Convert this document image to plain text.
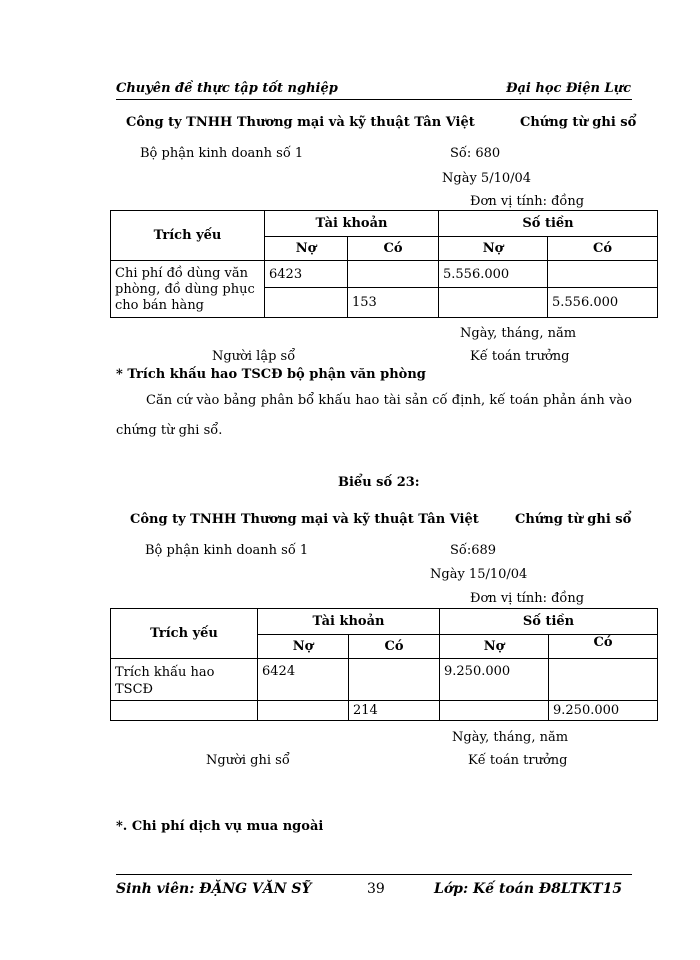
Chuyên đề thực tập tốt nghiệp	Đại học Điện Lực
Công ty TNHH Thương mại và kỹ thuật Tân Việt	Chứng từ ghi sổ
Bộ phận kinh doanh số 1	Số: 680
Ngày 5/10/04
Đơn vị tính: đồng
Trích yếu	Tài khoản		Số tiền	
	Nợ	Có	Nợ	Có
Chi phí đồ dùng văn phòng, đồ dùng phục cho bán hàng	6423		5.556.000	
		153		5.556.000
Ngày, tháng, năm
Người lập sổ	Kế toán trưởng
* Trích khấu hao TSCĐ bộ phận văn phòng
Căn cứ vào bảng phân bổ khấu hao tài sản cố định, kế toán phản ánh vào chứng từ ghi sổ.
Biểu số 23:
Công ty TNHH Thương mại và kỹ thuật Tân Việt	Chứng từ ghi sổ
Bộ phận kinh doanh số 1	Số:689
Ngày 15/10/04
Đơn vị tính: đồng
Trích yếu	Tài khoản		Số tiền	
	Nợ	Có	Nợ	Có
Trích khấu hao TSCĐ	6424		9.250.000	
		214		9.250.000
Ngày, tháng, năm
Người ghi sổ	Kế toán trưởng
*. Chi phí dịch vụ mua ngoài
Sinh viên: ĐẶNG VĂN SỸ	39	Lớp: Kế toán Đ8LTKT15
